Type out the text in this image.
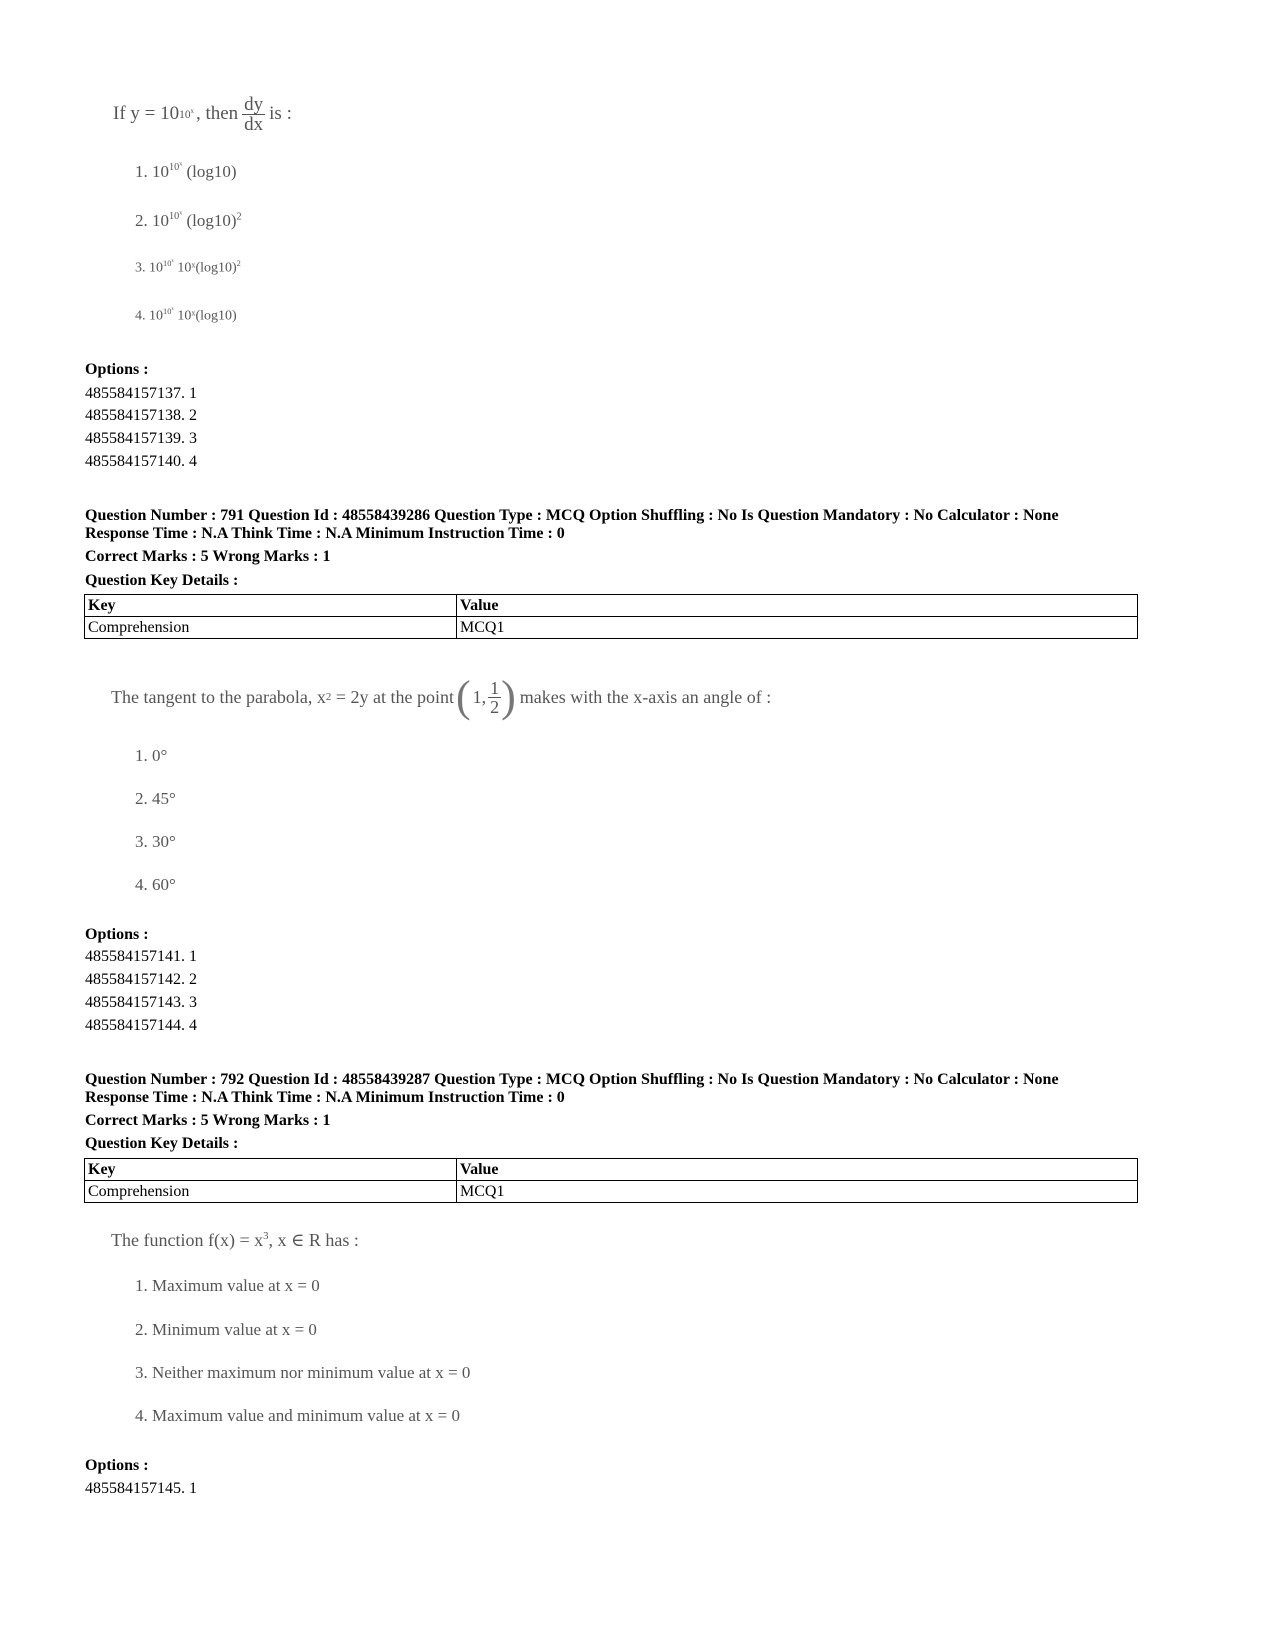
If y = 10 10$^x$ , then $\frac{dy}{dx}$ is :
1. $10^{10^x}$ (log10)
2. $10^{10^x}$ $(\log 10)^2$
3. $10^{10^x}$ $10ˣ(\log 10)^2$
4. $10^{10^x}$ 10ˣ(log10)
Options :
485584157137. 1
485584157138. 2
485584157139. 3
485584157140. 4
Question Number : 791 Question Id : 48558439286 Question Type : MCQ Option Shuffling : No Is Question Mandatory : No Calculator : None
Response Time : N.A Think Time : N.A Minimum Instruction Time : 0
Correct Marks : 5 Wrong Marks : 1
Question Key Details :
Key	Value
Comprehension	MCQ1
The tangent to the parabola, x 2 = 2y at the point ( 1, $\frac{1}{2}$ ) makes with the x-axis an angle of :
1. 0°
2. 45°
3. 30°
4. 60°
Options :
485584157141. 1
485584157142. 2
485584157143. 3
485584157144. 4
Question Number : 792 Question Id : 48558439287 Question Type : MCQ Option Shuffling : No Is Question Mandatory : No Calculator : None
Response Time : N.A Think Time : N.A Minimum Instruction Time : 0
Correct Marks : 5 Wrong Marks : 1
Question Key Details :
Key	Value
Comprehension	MCQ1
The function $f(x) = x^3$, x ∈ R has :
1. Maximum value at x = 0
2. Minimum value at x = 0
3. Neither maximum nor minimum value at x = 0
4. Maximum value and minimum value at x = 0
Options :
485584157145. 1
